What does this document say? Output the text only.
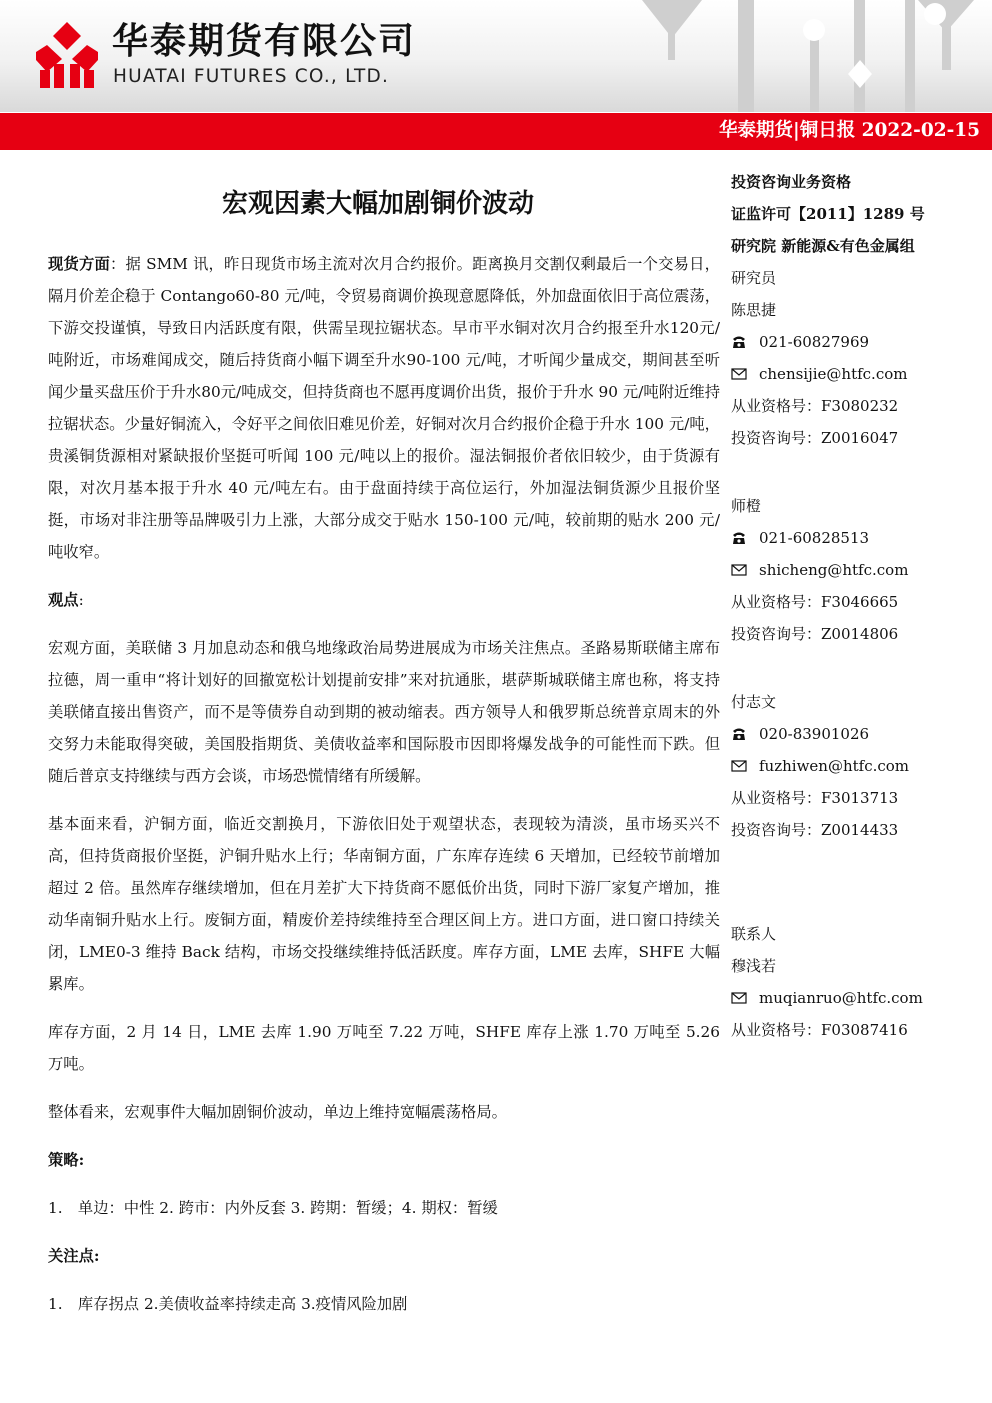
华泰期货有限公司
HUATAI FUTURES CO., LTD.
华泰期货|铜日报 2022-02-15
宏观因素大幅加剧铜价波动

现货方面：据 SMM 讯，昨日现货市场主流对次月合约报价。距离换月交割仅剩最后一个交易日，隔月价差企稳于 Contango60-80 元/吨，令贸易商调价换现意愿降低，外加盘面依旧于高位震荡，下游交投谨慎，导致日内活跃度有限，供需呈现拉锯状态。早市平水铜对次月合约报至升水120元/吨附近，市场难闻成交，随后持货商小幅下调至升水90-100 元/吨，才听闻少量成交，期间甚至听闻少量买盘压价于升水80元/吨成交，但持货商也不愿再度调价出货，报价于升水 90 元/吨附近维持拉锯状态。少量好铜流入，令好平之间依旧难见价差，好铜对次月合约报价企稳于升水 100 元/吨，贵溪铜货源相对紧缺报价坚挺可听闻 100 元/吨以上的报价。湿法铜报价者依旧较少，由于货源有限，对次月基本报于升水 40 元/吨左右。由于盘面持续于高位运行，外加湿法铜货源少且报价坚挺，市场对非注册等品牌吸引力上涨，大部分成交于贴水 150-100 元/吨，较前期的贴水 200 元/吨收窄。

观点:

宏观方面，美联储 3 月加息动态和俄乌地缘政治局势进展成为市场关注焦点。圣路易斯联储主席布拉德，周一重申“将计划好的回撤宽松计划提前安排”来对抗通胀，堪萨斯城联储主席也称，将支持美联储直接出售资产，而不是等债券自动到期的被动缩表。西方领导人和俄罗斯总统普京周末的外交努力未能取得突破，美国股指期货、美债收益率和国际股市因即将爆发战争的可能性而下跌。但随后普京支持继续与西方会谈，市场恐慌情绪有所缓解。

基本面来看，沪铜方面，临近交割换月，下游依旧处于观望状态，表现较为清淡，虽市场买兴不高，但持货商报价坚挺，沪铜升贴水上行；华南铜方面，广东库存连续 6 天增加，已经较节前增加超过 2 倍。虽然库存继续增加，但在月差扩大下持货商不愿低价出货，同时下游厂家复产增加，推动华南铜升贴水上行。废铜方面，精废价差持续维持至合理区间上方。进口方面，进口窗口持续关闭，LME0-3 维持 Back 结构，市场交投继续维持低活跃度。库存方面，LME 去库，SHFE 大幅累库。

库存方面，2 月 14 日，LME 去库 1.90 万吨至 7.22 万吨，SHFE 库存上涨 1.70 万吨至 5.26 万吨。

整体看来，宏观事件大幅加剧铜价波动，单边上维持宽幅震荡格局。

策略:

1.　单边：中性 2. 跨市：内外反套 3. 跨期：暂缓；4. 期权：暂缓

关注点:

1.　库存拐点 2.美债收益率持续走高 3.疫情风险加剧

投资咨询业务资格
证监许可【2011】1289 号
研究院 新能源&有色金属组
研究员
陈思捷
021-60827969
chensijie@htfc.com
从业资格号：F3080232
投资咨询号：Z0016047
师橙
021-60828513
shicheng@htfc.com
从业资格号：F3046665
投资咨询号：Z0014806
付志文
020-83901026
fuzhiwen@htfc.com
从业资格号：F3013713
投资咨询号：Z0014433
联系人
穆浅若
muqianruo@htfc.com
从业资格号：F03087416
